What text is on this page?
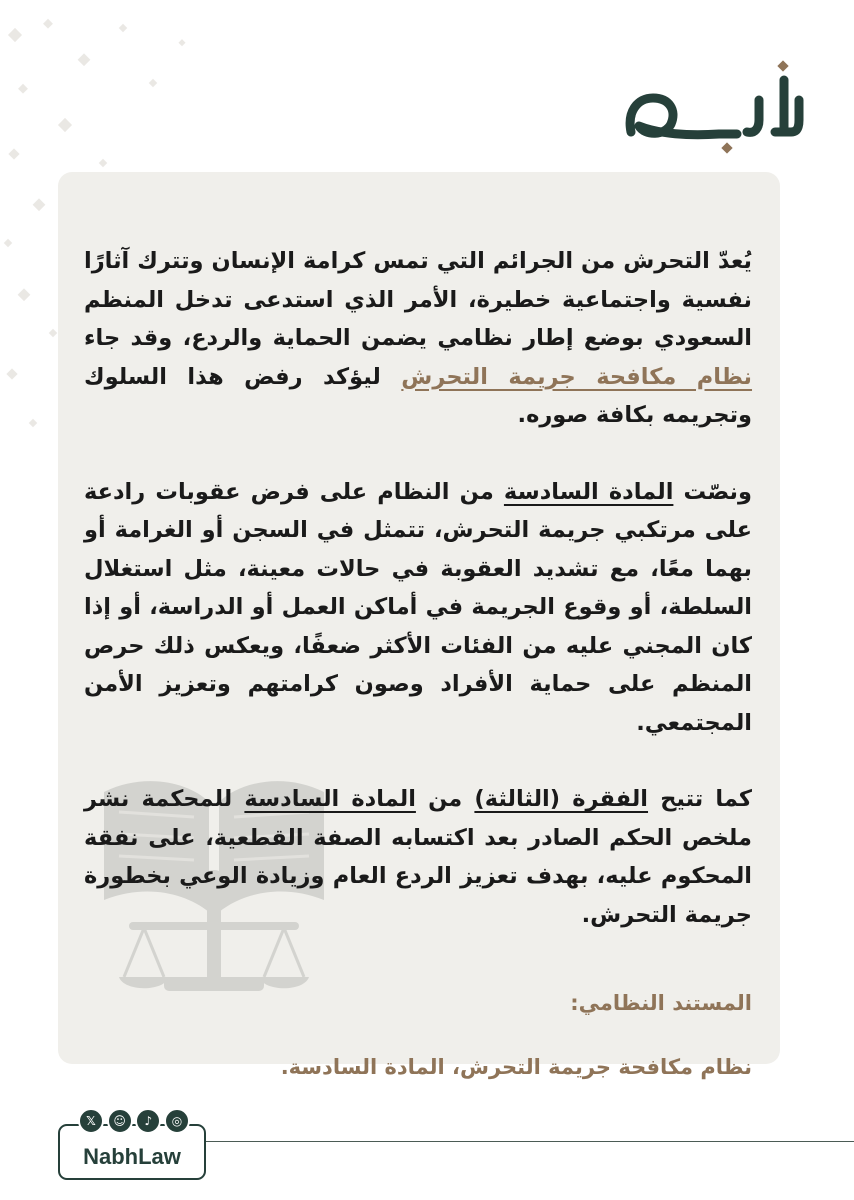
يُعدّ التحرش من الجرائم التي تمس كرامة الإنسان وتترك آثارًا نفسية واجتماعية خطيرة، الأمر الذي استدعى تدخل المنظم السعودي بوضع إطار نظامي يضمن الحماية والردع، وقد جاء نظام مكافحة جريمة التحرش ليؤكد رفض هذا السلوك وتجريمه بكافة صوره.

ونصّت المادة السادسة من النظام على فرض عقوبات رادعة على مرتكبي جريمة التحرش، تتمثل في السجن أو الغرامة أو بهما معًا، مع تشديد العقوبة في حالات معينة، مثل استغلال السلطة، أو وقوع الجريمة في أماكن العمل أو الدراسة، أو إذا كان المجني عليه من الفئات الأكثر ضعفًا، ويعكس ذلك حرص المنظم على حماية الأفراد وصون كرامتهم وتعزيز الأمن المجتمعي.

كما تتيح الفقرة (الثالثة) من المادة السادسة للمحكمة نشر ملخص الحكم الصادر بعد اكتسابه الصفة القطعية، على نفقة المحكوم عليه، بهدف تعزيز الردع العام وزيادة الوعي بخطورة جريمة التحرش.

المستند النظامي:

نظام مكافحة جريمة التحرش، المادة السادسة.

NabhLaw
𝕏	☺	♪	◎
